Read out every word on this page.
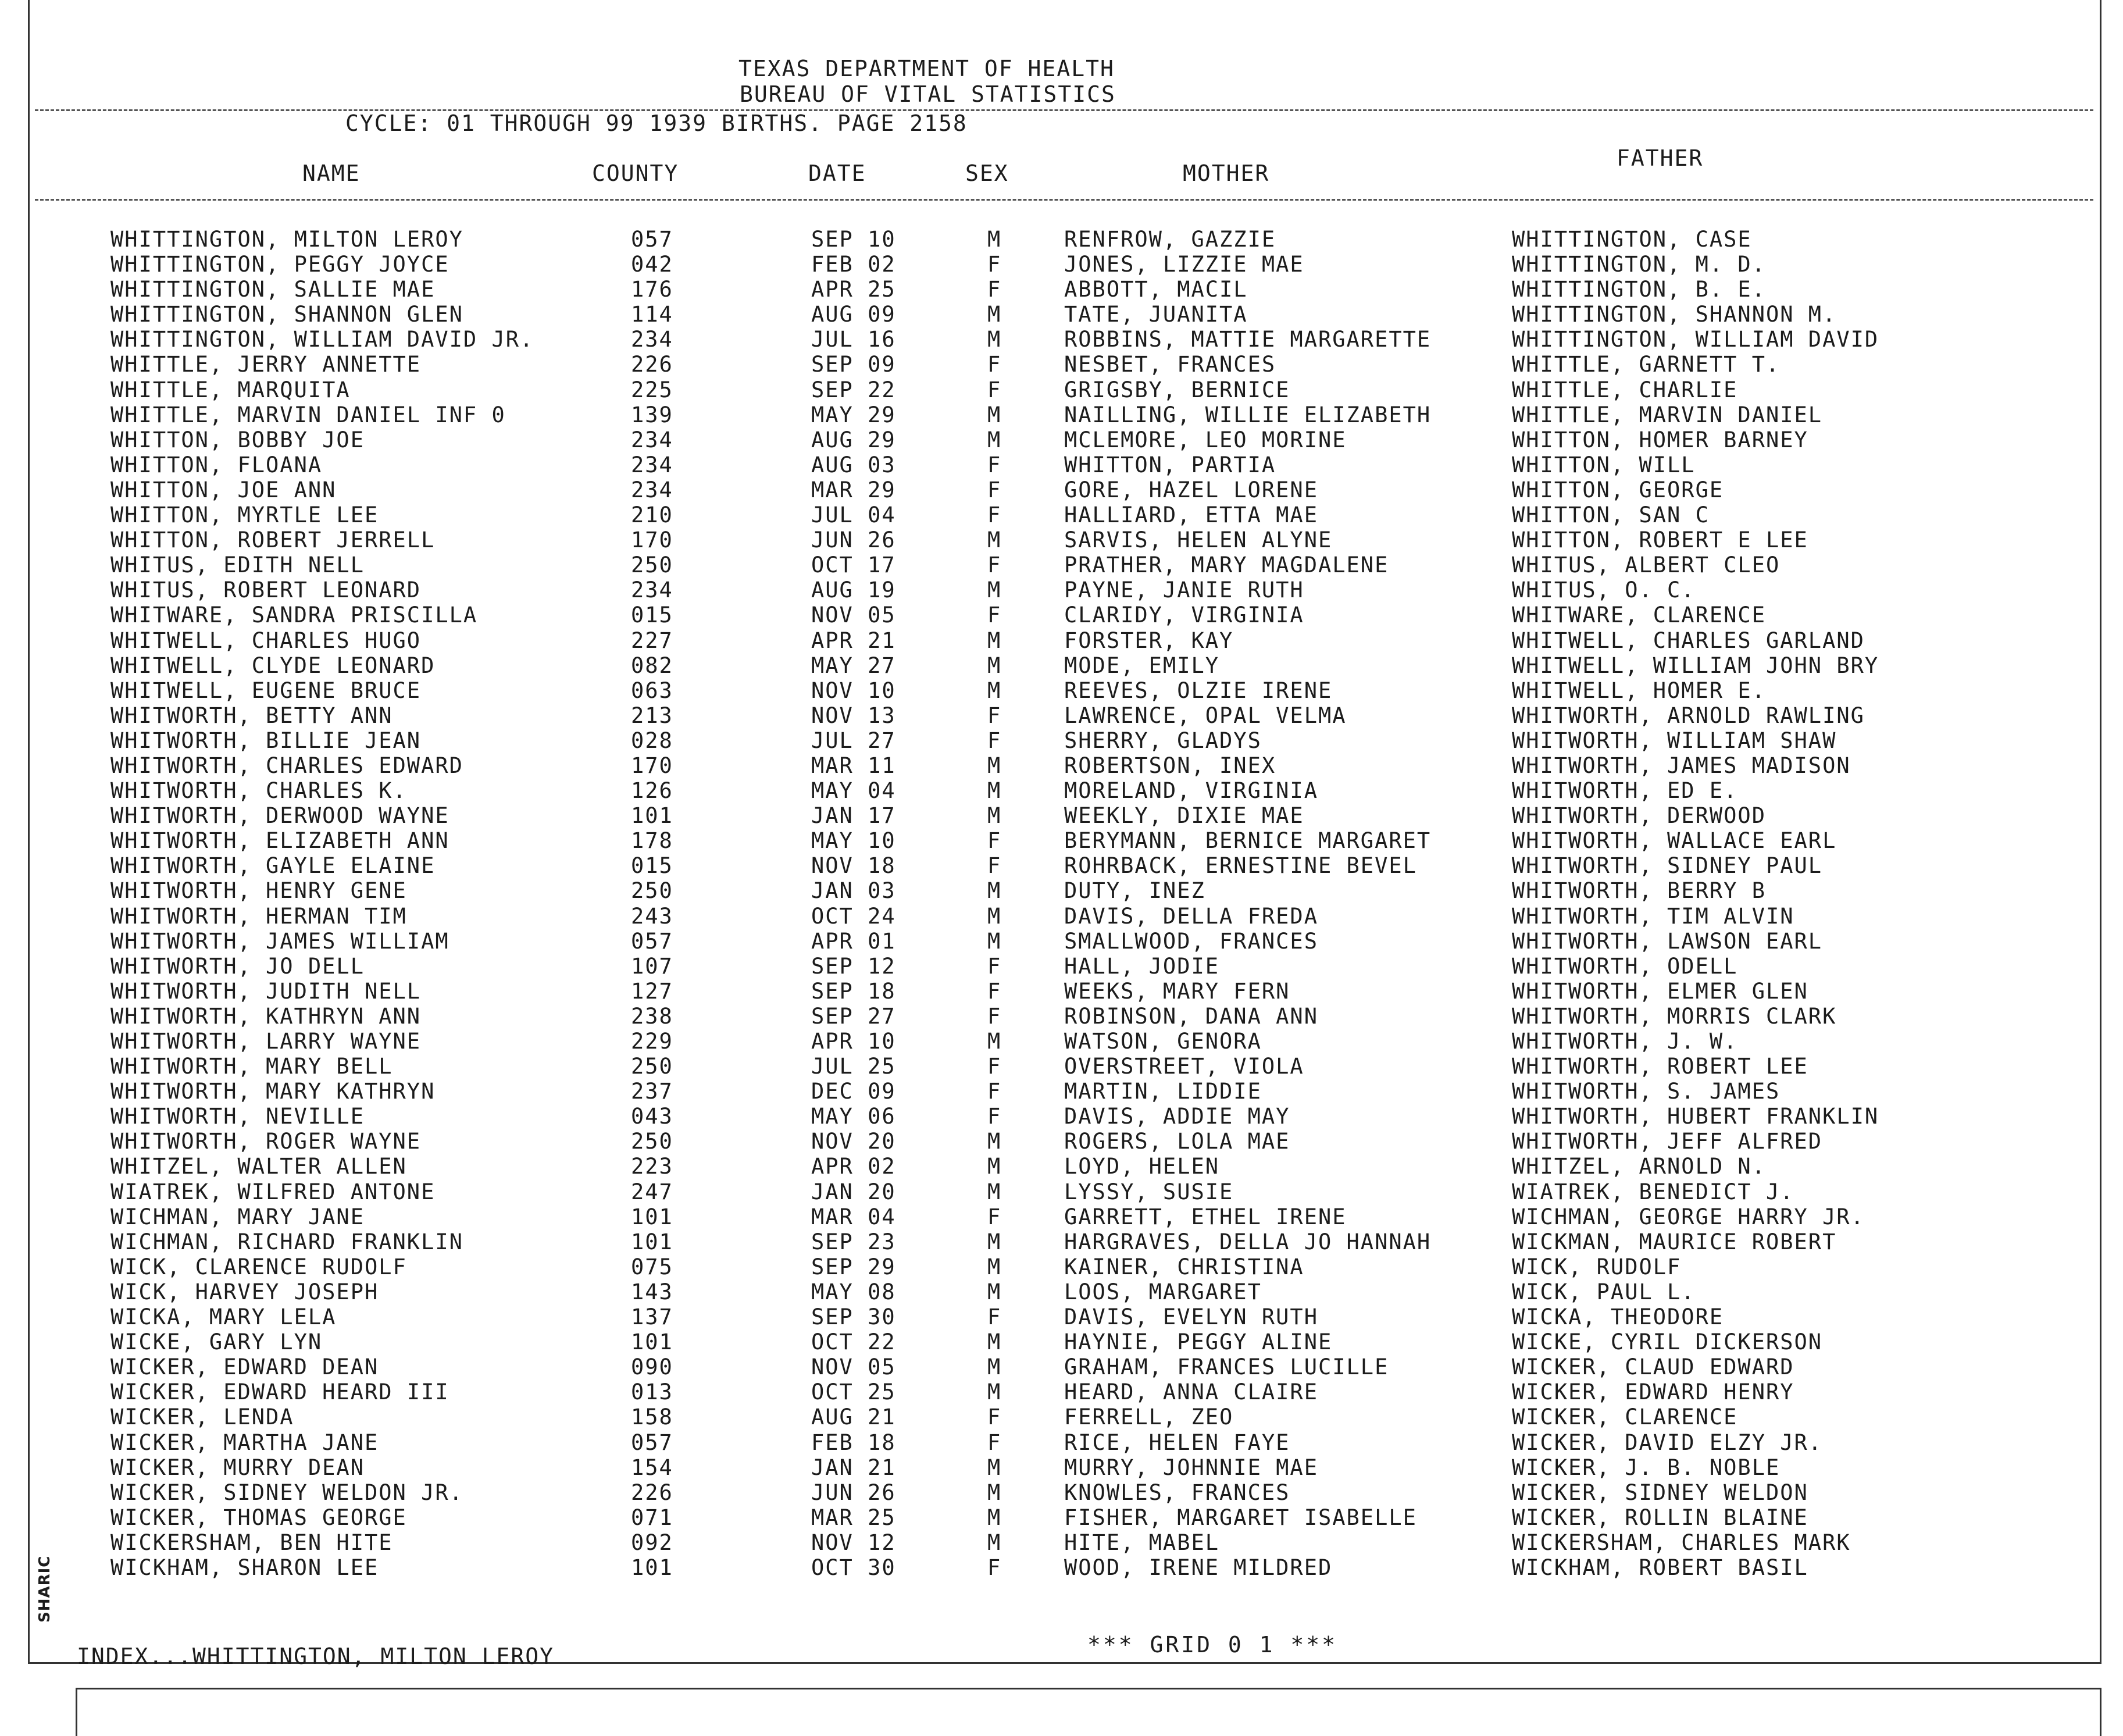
SHARIC
TEXAS DEPARTMENT OF HEALTH
BUREAU OF VITAL STATISTICS
CYCLE: 01 THROUGH 99 1939 BIRTHS. PAGE 2158
NAME	COUNTY	DATE	SEX	MOTHER
FATHER
WHITTINGTON, MILTON LEROY	057	SEP 10	M	RENFROW, GAZZIE	WHITTINGTON, CASE
WHITTINGTON, PEGGY JOYCE	042	FEB 02	F	JONES, LIZZIE MAE	WHITTINGTON, M. D.
WHITTINGTON, SALLIE MAE	176	APR 25	F	ABBOTT, MACIL	WHITTINGTON, B. E.
WHITTINGTON, SHANNON GLEN	114	AUG 09	M	TATE, JUANITA	WHITTINGTON, SHANNON M.
WHITTINGTON, WILLIAM DAVID JR.	234	JUL 16	M	ROBBINS, MATTIE MARGARETTE	WHITTINGTON, WILLIAM DAVID
WHITTLE, JERRY ANNETTE	226	SEP 09	F	NESBET, FRANCES	WHITTLE, GARNETT T.
WHITTLE, MARQUITA	225	SEP 22	F	GRIGSBY, BERNICE	WHITTLE, CHARLIE
WHITTLE, MARVIN DANIEL INF 0	139	MAY 29	M	NAILLING, WILLIE ELIZABETH	WHITTLE, MARVIN DANIEL
WHITTON, BOBBY JOE	234	AUG 29	M	MCLEMORE, LEO MORINE	WHITTON, HOMER BARNEY
WHITTON, FLOANA	234	AUG 03	F	WHITTON, PARTIA	WHITTON, WILL
WHITTON, JOE ANN	234	MAR 29	F	GORE, HAZEL LORENE	WHITTON, GEORGE
WHITTON, MYRTLE LEE	210	JUL 04	F	HALLIARD, ETTA MAE	WHITTON, SAN C
WHITTON, ROBERT JERRELL	170	JUN 26	M	SARVIS, HELEN ALYNE	WHITTON, ROBERT E LEE
WHITUS, EDITH NELL	250	OCT 17	F	PRATHER, MARY MAGDALENE	WHITUS, ALBERT CLEO
WHITUS, ROBERT LEONARD	234	AUG 19	M	PAYNE, JANIE RUTH	WHITUS, O. C.
WHITWARE, SANDRA PRISCILLA	015	NOV 05	F	CLARIDY, VIRGINIA	WHITWARE, CLARENCE
WHITWELL, CHARLES HUGO	227	APR 21	M	FORSTER, KAY	WHITWELL, CHARLES GARLAND
WHITWELL, CLYDE LEONARD	082	MAY 27	M	MODE, EMILY	WHITWELL, WILLIAM JOHN BRY
WHITWELL, EUGENE BRUCE	063	NOV 10	M	REEVES, OLZIE IRENE	WHITWELL, HOMER E.
WHITWORTH, BETTY ANN	213	NOV 13	F	LAWRENCE, OPAL VELMA	WHITWORTH, ARNOLD RAWLING
WHITWORTH, BILLIE JEAN	028	JUL 27	F	SHERRY, GLADYS	WHITWORTH, WILLIAM SHAW
WHITWORTH, CHARLES EDWARD	170	MAR 11	M	ROBERTSON, INEX	WHITWORTH, JAMES MADISON
WHITWORTH, CHARLES K.	126	MAY 04	M	MORELAND, VIRGINIA	WHITWORTH, ED E.
WHITWORTH, DERWOOD WAYNE	101	JAN 17	M	WEEKLY, DIXIE MAE	WHITWORTH, DERWOOD
WHITWORTH, ELIZABETH ANN	178	MAY 10	F	BERYMANN, BERNICE MARGARET	WHITWORTH, WALLACE EARL
WHITWORTH, GAYLE ELAINE	015	NOV 18	F	ROHRBACK, ERNESTINE BEVEL	WHITWORTH, SIDNEY PAUL
WHITWORTH, HENRY GENE	250	JAN 03	M	DUTY, INEZ	WHITWORTH, BERRY B
WHITWORTH, HERMAN TIM	243	OCT 24	M	DAVIS, DELLA FREDA	WHITWORTH, TIM ALVIN
WHITWORTH, JAMES WILLIAM	057	APR 01	M	SMALLWOOD, FRANCES	WHITWORTH, LAWSON EARL
WHITWORTH, JO DELL	107	SEP 12	F	HALL, JODIE	WHITWORTH, ODELL
WHITWORTH, JUDITH NELL	127	SEP 18	F	WEEKS, MARY FERN	WHITWORTH, ELMER GLEN
WHITWORTH, KATHRYN ANN	238	SEP 27	F	ROBINSON, DANA ANN	WHITWORTH, MORRIS CLARK
WHITWORTH, LARRY WAYNE	229	APR 10	M	WATSON, GENORA	WHITWORTH, J. W.
WHITWORTH, MARY BELL	250	JUL 25	F	OVERSTREET, VIOLA	WHITWORTH, ROBERT LEE
WHITWORTH, MARY KATHRYN	237	DEC 09	F	MARTIN, LIDDIE	WHITWORTH, S. JAMES
WHITWORTH, NEVILLE	043	MAY 06	F	DAVIS, ADDIE MAY	WHITWORTH, HUBERT FRANKLIN
WHITWORTH, ROGER WAYNE	250	NOV 20	M	ROGERS, LOLA MAE	WHITWORTH, JEFF ALFRED
WHITZEL, WALTER ALLEN	223	APR 02	M	LOYD, HELEN	WHITZEL, ARNOLD N.
WIATREK, WILFRED ANTONE	247	JAN 20	M	LYSSY, SUSIE	WIATREK, BENEDICT J.
WICHMAN, MARY JANE	101	MAR 04	F	GARRETT, ETHEL IRENE	WICHMAN, GEORGE HARRY JR.
WICHMAN, RICHARD FRANKLIN	101	SEP 23	M	HARGRAVES, DELLA JO HANNAH	WICKMAN, MAURICE ROBERT
WICK, CLARENCE RUDOLF	075	SEP 29	M	KAINER, CHRISTINA	WICK, RUDOLF
WICK, HARVEY JOSEPH	143	MAY 08	M	LOOS, MARGARET	WICK, PAUL L.
WICKA, MARY LELA	137	SEP 30	F	DAVIS, EVELYN RUTH	WICKA, THEODORE
WICKE, GARY LYN	101	OCT 22	M	HAYNIE, PEGGY ALINE	WICKE, CYRIL DICKERSON
WICKER, EDWARD DEAN	090	NOV 05	M	GRAHAM, FRANCES LUCILLE	WICKER, CLAUD EDWARD
WICKER, EDWARD HEARD III	013	OCT 25	M	HEARD, ANNA CLAIRE	WICKER, EDWARD HENRY
WICKER, LENDA	158	AUG 21	F	FERRELL, ZEO	WICKER, CLARENCE
WICKER, MARTHA JANE	057	FEB 18	F	RICE, HELEN FAYE	WICKER, DAVID ELZY JR.
WICKER, MURRY DEAN	154	JAN 21	M	MURRY, JOHNNIE MAE	WICKER, J. B. NOBLE
WICKER, SIDNEY WELDON JR.	226	JUN 26	M	KNOWLES, FRANCES	WICKER, SIDNEY WELDON
WICKER, THOMAS GEORGE	071	MAR 25	M	FISHER, MARGARET ISABELLE	WICKER, ROLLIN BLAINE
WICKERSHAM, BEN HITE	092	NOV 12	M	HITE, MABEL	WICKERSHAM, CHARLES MARK
WICKHAM, SHARON LEE	101	OCT 30	F	WOOD, IRENE MILDRED	WICKHAM, ROBERT BASIL
*** GRID 0 1 ***
INDEX...WHITTINGTON, MILTON LEROY
